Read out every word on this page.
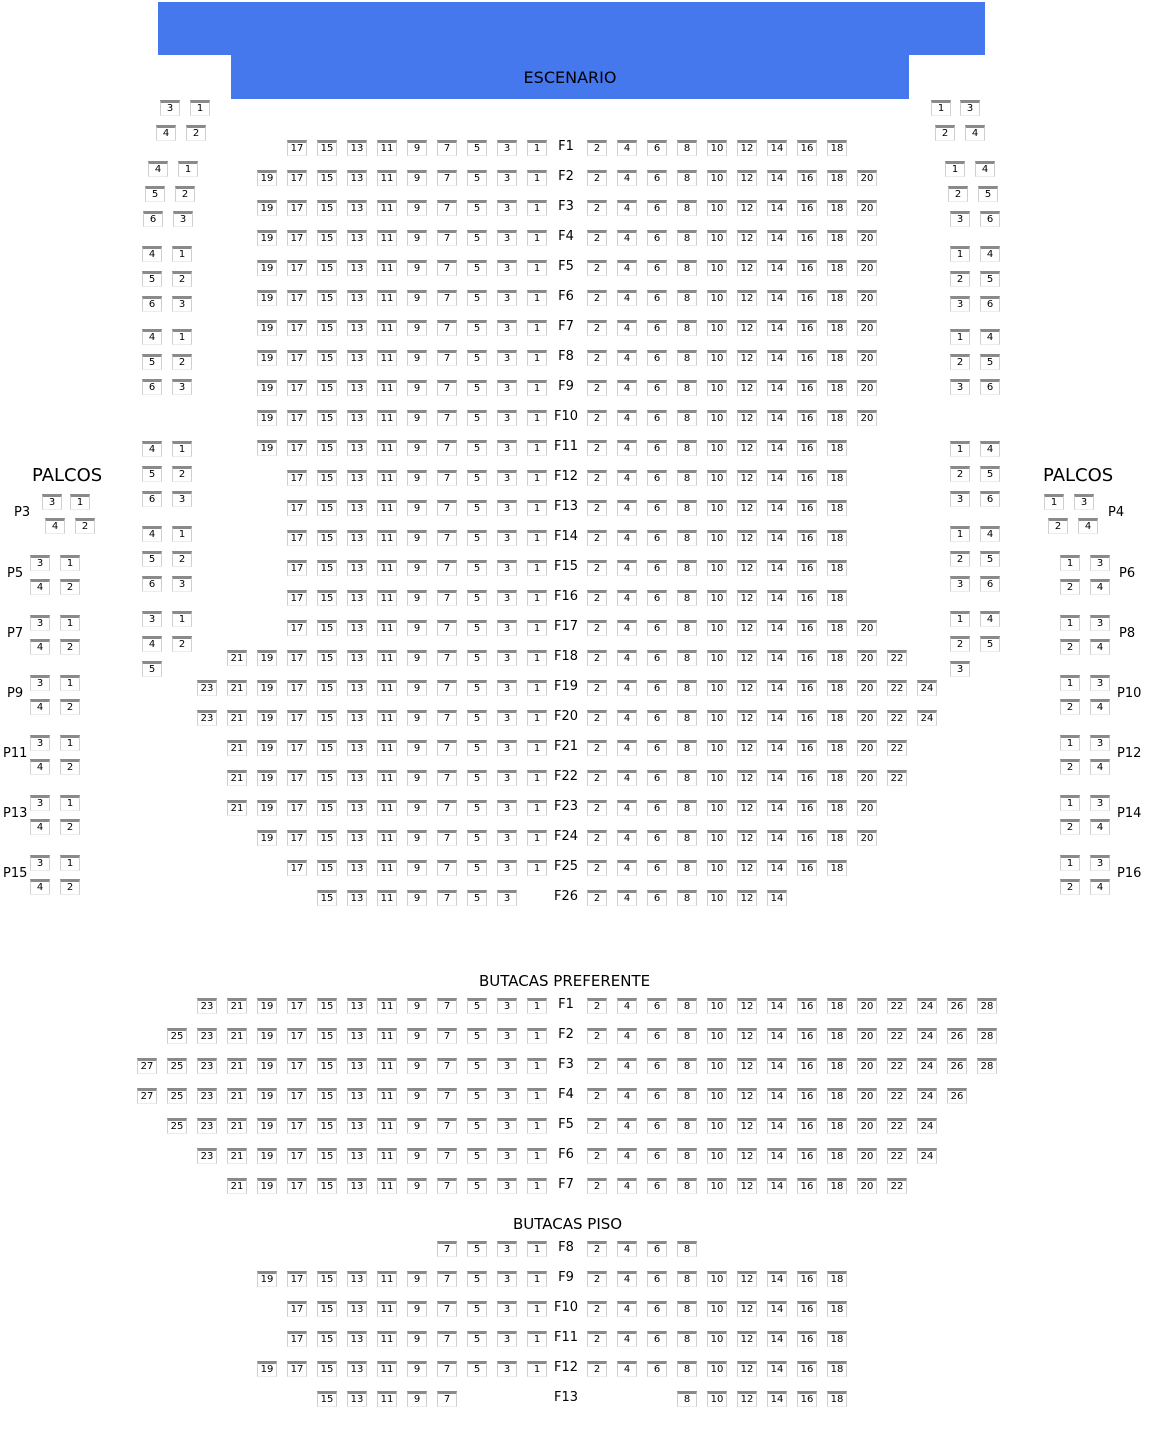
ESCENARIO
PALCOS	PALCOS
BUTACAS PREFERENTE
BUTACAS PISO
F1
17	15	13	11	9	7	5	3	1	2	4	6	8	10	12	14	16	18
F2
19	17	15	13	11	9	7	5	3	1	2	4	6	8	10	12	14	16	18	20
F3
19	17	15	13	11	9	7	5	3	1	2	4	6	8	10	12	14	16	18	20
F4
19	17	15	13	11	9	7	5	3	1	2	4	6	8	10	12	14	16	18	20
F5
19	17	15	13	11	9	7	5	3	1	2	4	6	8	10	12	14	16	18	20
F6
19	17	15	13	11	9	7	5	3	1	2	4	6	8	10	12	14	16	18	20
F7
19	17	15	13	11	9	7	5	3	1	2	4	6	8	10	12	14	16	18	20
F8
19	17	15	13	11	9	7	5	3	1	2	4	6	8	10	12	14	16	18	20
F9
19	17	15	13	11	9	7	5	3	1	2	4	6	8	10	12	14	16	18	20
F10
19	17	15	13	11	9	7	5	3	1	2	4	6	8	10	12	14	16	18	20
F11
19	17	15	13	11	9	7	5	3	1	2	4	6	8	10	12	14	16	18
F12
17	15	13	11	9	7	5	3	1	2	4	6	8	10	12	14	16	18
F13
17	15	13	11	9	7	5	3	1	2	4	6	8	10	12	14	16	18
F14
17	15	13	11	9	7	5	3	1	2	4	6	8	10	12	14	16	18
F15
17	15	13	11	9	7	5	3	1	2	4	6	8	10	12	14	16	18
F16
17	15	13	11	9	7	5	3	1	2	4	6	8	10	12	14	16	18
F17
17	15	13	11	9	7	5	3	1	2	4	6	8	10	12	14	16	18	20
F18
21	19	17	15	13	11	9	7	5	3	1	2	4	6	8	10	12	14	16	18	20	22
F19
23	21	19	17	15	13	11	9	7	5	3	1	2	4	6	8	10	12	14	16	18	20	22	24
F20
23	21	19	17	15	13	11	9	7	5	3	1	2	4	6	8	10	12	14	16	18	20	22	24
F21
21	19	17	15	13	11	9	7	5	3	1	2	4	6	8	10	12	14	16	18	20	22
F22
21	19	17	15	13	11	9	7	5	3	1	2	4	6	8	10	12	14	16	18	20	22
F23
21	19	17	15	13	11	9	7	5	3	1	2	4	6	8	10	12	14	16	18	20
F24
19	17	15	13	11	9	7	5	3	1	2	4	6	8	10	12	14	16	18	20
F25
17	15	13	11	9	7	5	3	1	2	4	6	8	10	12	14	16	18
F26
15	13	11	9	7	5	3	2	4	6	8	10	12	14
F1
23	21	19	17	15	13	11	9	7	5	3	1	2	4	6	8	10	12	14	16	18	20	22	24	26	28
F2
25	23	21	19	17	15	13	11	9	7	5	3	1	2	4	6	8	10	12	14	16	18	20	22	24	26	28
F3
27	25	23	21	19	17	15	13	11	9	7	5	3	1	2	4	6	8	10	12	14	16	18	20	22	24	26	28
F4
27	25	23	21	19	17	15	13	11	9	7	5	3	1	2	4	6	8	10	12	14	16	18	20	22	24	26
F5
25	23	21	19	17	15	13	11	9	7	5	3	1	2	4	6	8	10	12	14	16	18	20	22	24
F6
23	21	19	17	15	13	11	9	7	5	3	1	2	4	6	8	10	12	14	16	18	20	22	24
F7
21	19	17	15	13	11	9	7	5	3	1	2	4	6	8	10	12	14	16	18	20	22
F8
7	5	3	1	2	4	6	8
F9
19	17	15	13	11	9	7	5	3	1	2	4	6	8	10	12	14	16	18
F10
17	15	13	11	9	7	5	3	1	2	4	6	8	10	12	14	16	18
F11
17	15	13	11	9	7	5	3	1	2	4	6	8	10	12	14	16	18
F12
19	17	15	13	11	9	7	5	3	1	2	4	6	8	10	12	14	16	18
F13
15	13	11	9	7	8	10	12	14	16	18
3	1
4	2
4	1
5	2
6	3
4	1
5	2
6	3
4	1
5	2
6	3
4	1
5	2
6	3
4	1
5	2
6	3
3	1
4	2
5
1	3
2	4
1	4
2	5
3	6
1	4
2	5
3	6
1	4
2	5
3	6
1	4
2	5
3	6
1	4
2	5
3	6
1	4
2	5
3
3	1
4	2
P3
3	1
4	2
P5
3	1
4	2
P7
3	1
4	2
P9
3	1
4	2
P11
3	1
4	2
P13
3	1
4	2
P15
1	3
2	4
P4
1	3
2	4
P6
1	3
2	4
P8
1	3
2	4
P10
1	3
2	4
P12
1	3
2	4
P14
1	3
2	4
P16
